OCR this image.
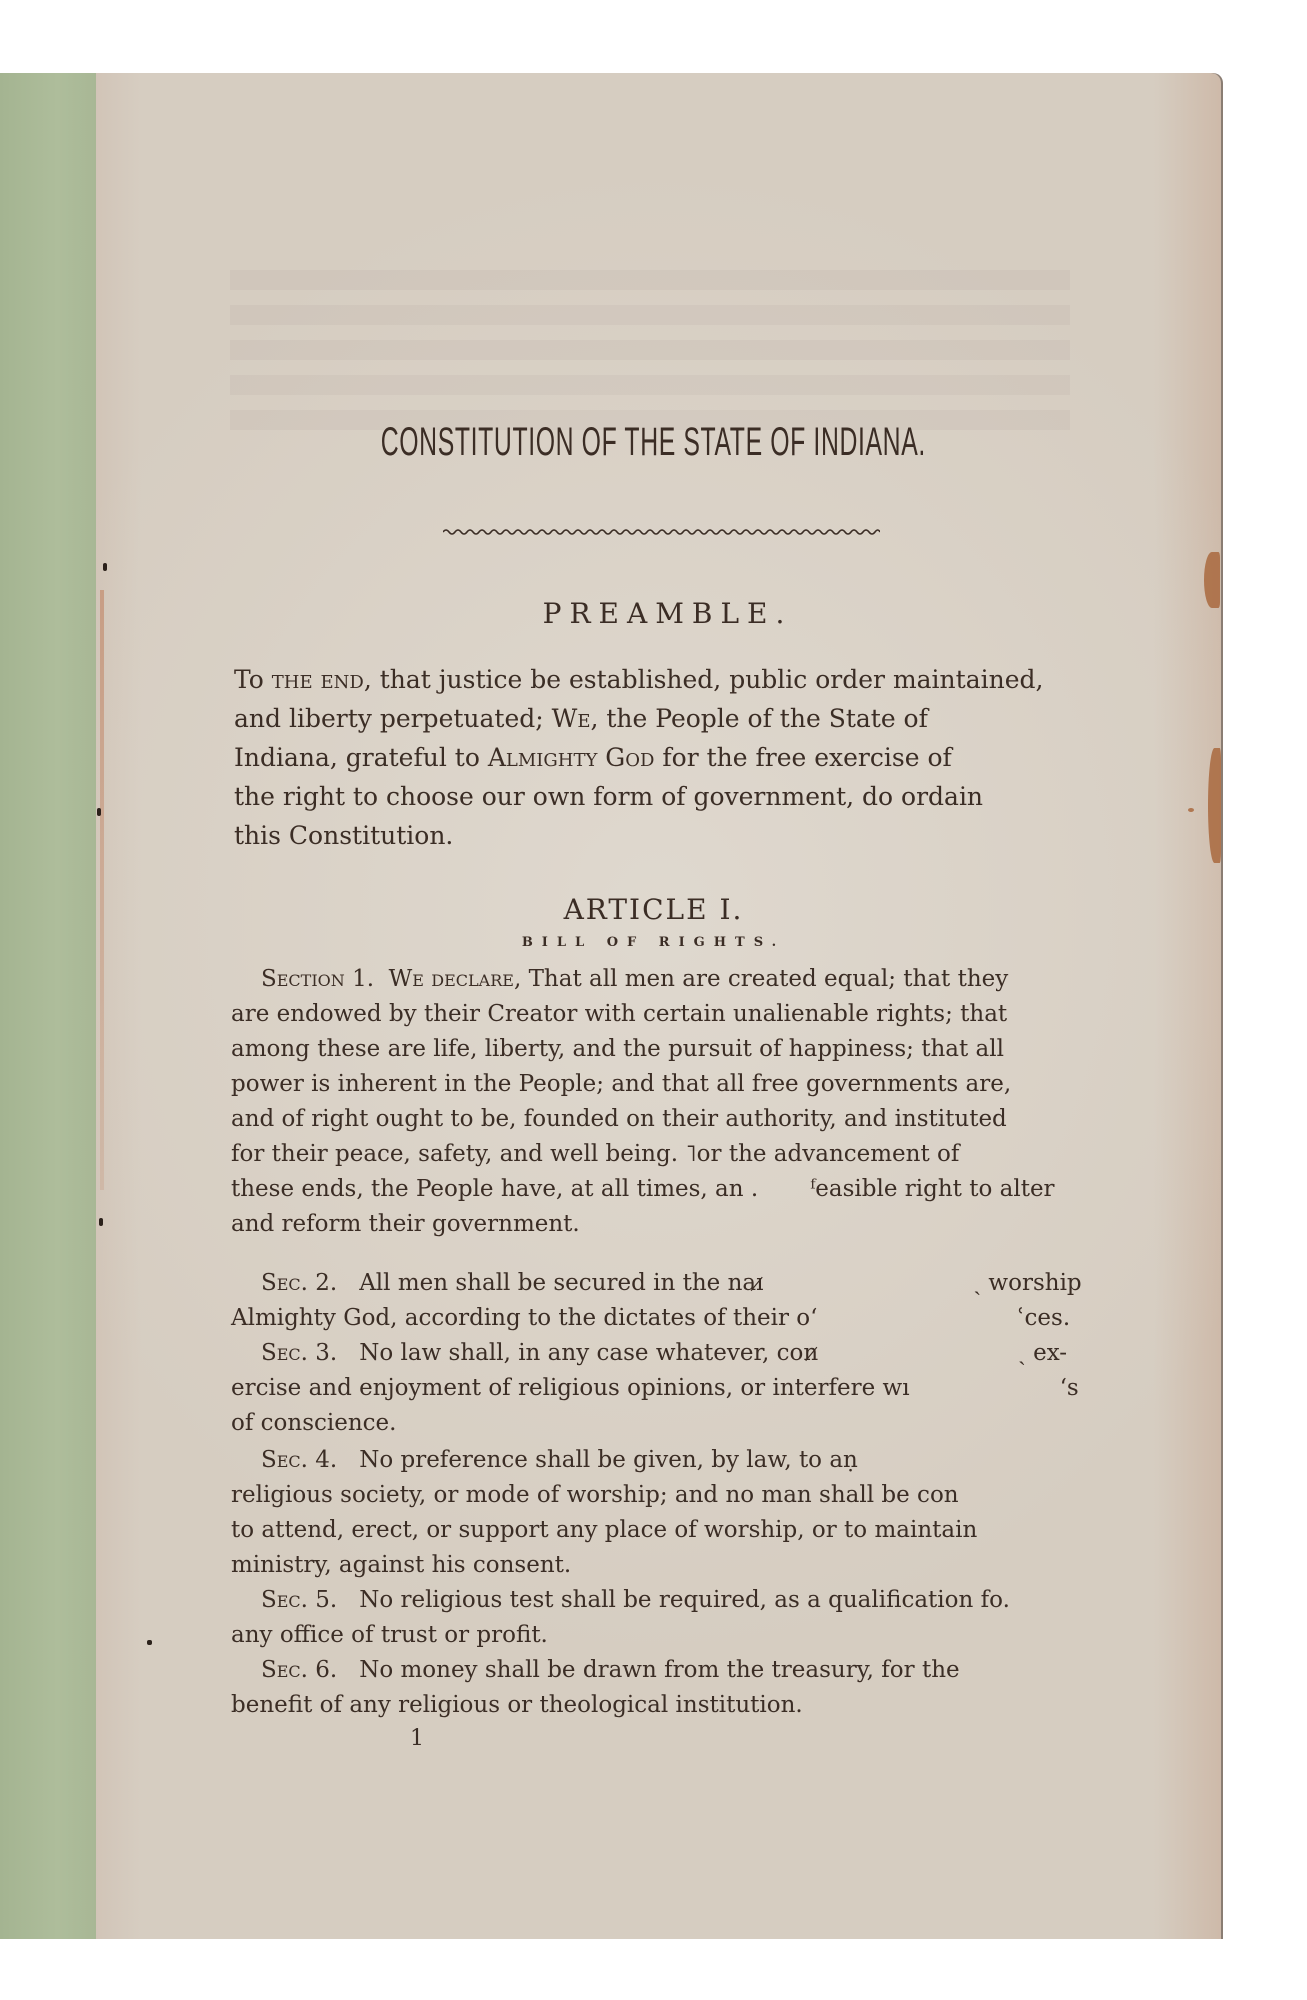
CONSTITUTION OF THE STATE OF INDIANA.
PREAMBLE.
To the end, that justice be established, public order maintained,
and liberty perpetuated; We, the People of the State of
Indiana, grateful to Almighty God for the free exercise of
the right to choose our own form of government, do ordain
this Constitution.
ARTICLE I.
BILL OF RIGHTS.
Section 1. We declare, That all men are created equal; that they
are endowed by their Creator with certain unalienable rights; that
among these are life, liberty, and the pursuit of happiness; that all
power is inherent in the People; and that all free governments are,
and of right ought to be, founded on their authority, and instituted
for their peace, safety, and well being. ˥or the advancement of
these ends, the People have, at all times, an . ᶠeasible right to alter
and reform their government.
Sec. 2. All men shall be secured in the naı̷	ˎ worship
Almighty God, according to the dictates of their oʻ	ʿces.
Sec. 3. No law shall, in any case whatever, con̷	ˎ ex-
ercise and enjoyment of religious opinions, or interfere wı	ʻs
of conscience.
Sec. 4. No preference shall be given, by law, to aṇ
religious society, or mode of worship; and no man shall be con
to attend, erect, or support any place of worship, or to maintain
ministry, against his consent.
Sec. 5. No religious test shall be required, as a qualification fo.
any office of trust or profit.
Sec. 6. No money shall be drawn from the treasury, for the
benefit of any religious or theological institution.
1
